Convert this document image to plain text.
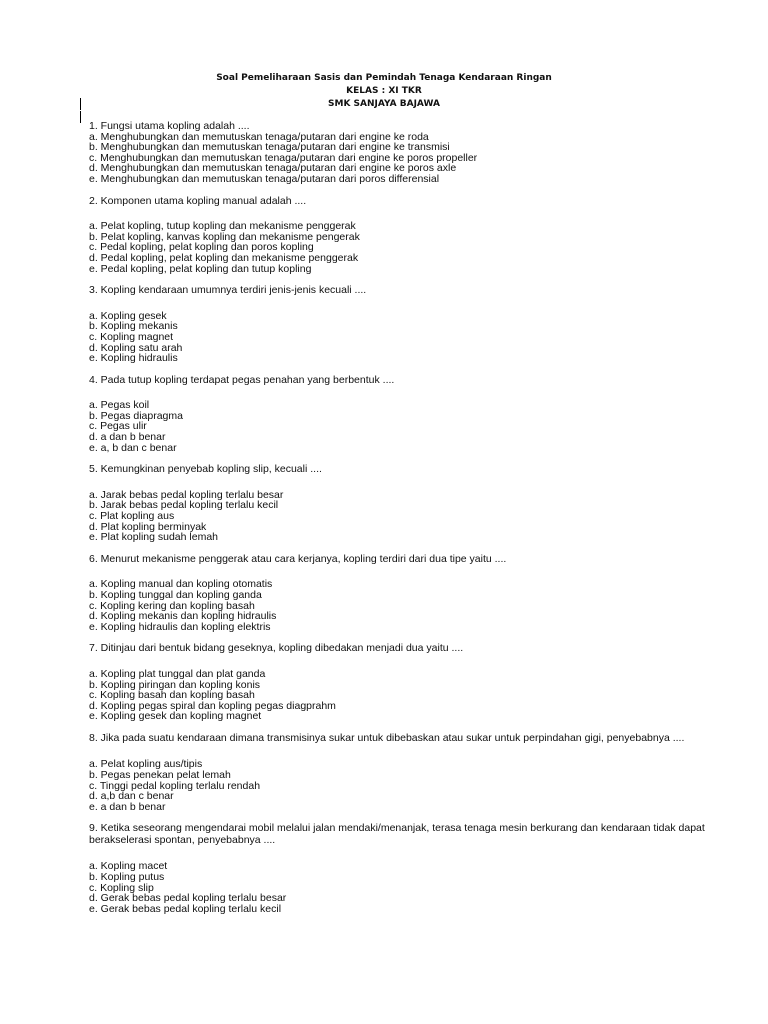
Soal Pemeliharaan Sasis dan Pemindah Tenaga Kendaraan Ringan
KELAS : XI TKR
SMK SANJAYA BAJAWA
1. Fungsi utama kopling adalah ....
a. Menghubungkan dan memutuskan tenaga/putaran dari engine ke roda
b. Menghubungkan dan memutuskan tenaga/putaran dari engine ke transmisi
c. Menghubungkan dan memutuskan tenaga/putaran dari engine ke poros propeller
d. Menghubungkan dan memutuskan tenaga/putaran dari engine ke poros axle
e. Menghubungkan dan memutuskan tenaga/putaran dari poros differensial
2. Komponen utama kopling manual adalah ....
a. Pelat kopling, tutup kopling dan mekanisme penggerak
b. Pelat kopling, kanvas kopling dan mekanisme pengerak
c. Pedal kopling, pelat kopling dan poros kopling
d. Pedal kopling, pelat kopling dan mekanisme penggerak
e. Pedal kopling, pelat kopling dan tutup kopling
3. Kopling kendaraan umumnya terdiri jenis-jenis kecuali ....
a. Kopling gesek
b. Kopling mekanis
c. Kopling magnet
d. Kopling satu arah
e. Kopling hidraulis
4. Pada tutup kopling terdapat pegas penahan yang berbentuk ....
a. Pegas koil
b. Pegas diapragma
c. Pegas ulir
d. a dan b benar
e. a, b dan c benar
5. Kemungkinan penyebab kopling slip, kecuali ....
a. Jarak bebas pedal kopling terlalu besar
b. Jarak bebas pedal kopling terlalu kecil
c. Plat kopling aus
d. Plat kopling berminyak
e. Plat kopling sudah lemah
6. Menurut mekanisme penggerak atau cara kerjanya, kopling terdiri dari dua tipe yaitu ....
a. Kopling manual dan kopling otomatis
b. Kopling tunggal dan kopling ganda
c. Kopling kering dan kopling basah
d. Kopling mekanis dan kopling hidraulis
e. Kopling hidraulis dan kopling elektris
7. Ditinjau dari bentuk bidang geseknya, kopling dibedakan menjadi dua yaitu ....
a. Kopling plat tunggal dan plat ganda
b. Kopling piringan dan kopling konis
c. Kopling basah dan kopling basah
d. Kopling pegas spiral dan kopling pegas diagprahm
e. Kopling gesek dan kopling magnet
8. Jika pada suatu kendaraan dimana transmisinya sukar untuk dibebaskan atau sukar untuk perpindahan gigi, penyebabnya ....
a. Pelat kopling aus/tipis
b. Pegas penekan pelat lemah
c. Tinggi pedal kopling terlalu rendah
d. a,b dan c benar
e. a dan b benar
9. Ketika seseorang mengendarai mobil melalui jalan mendaki/menanjak, terasa tenaga mesin berkurang dan kendaraan tidak dapat berakselerasi spontan, penyebabnya ....
a. Kopling macet
b. Kopling putus
c. Kopling slip
d. Gerak bebas pedal kopling terlalu besar
e. Gerak bebas pedal kopling terlalu kecil
